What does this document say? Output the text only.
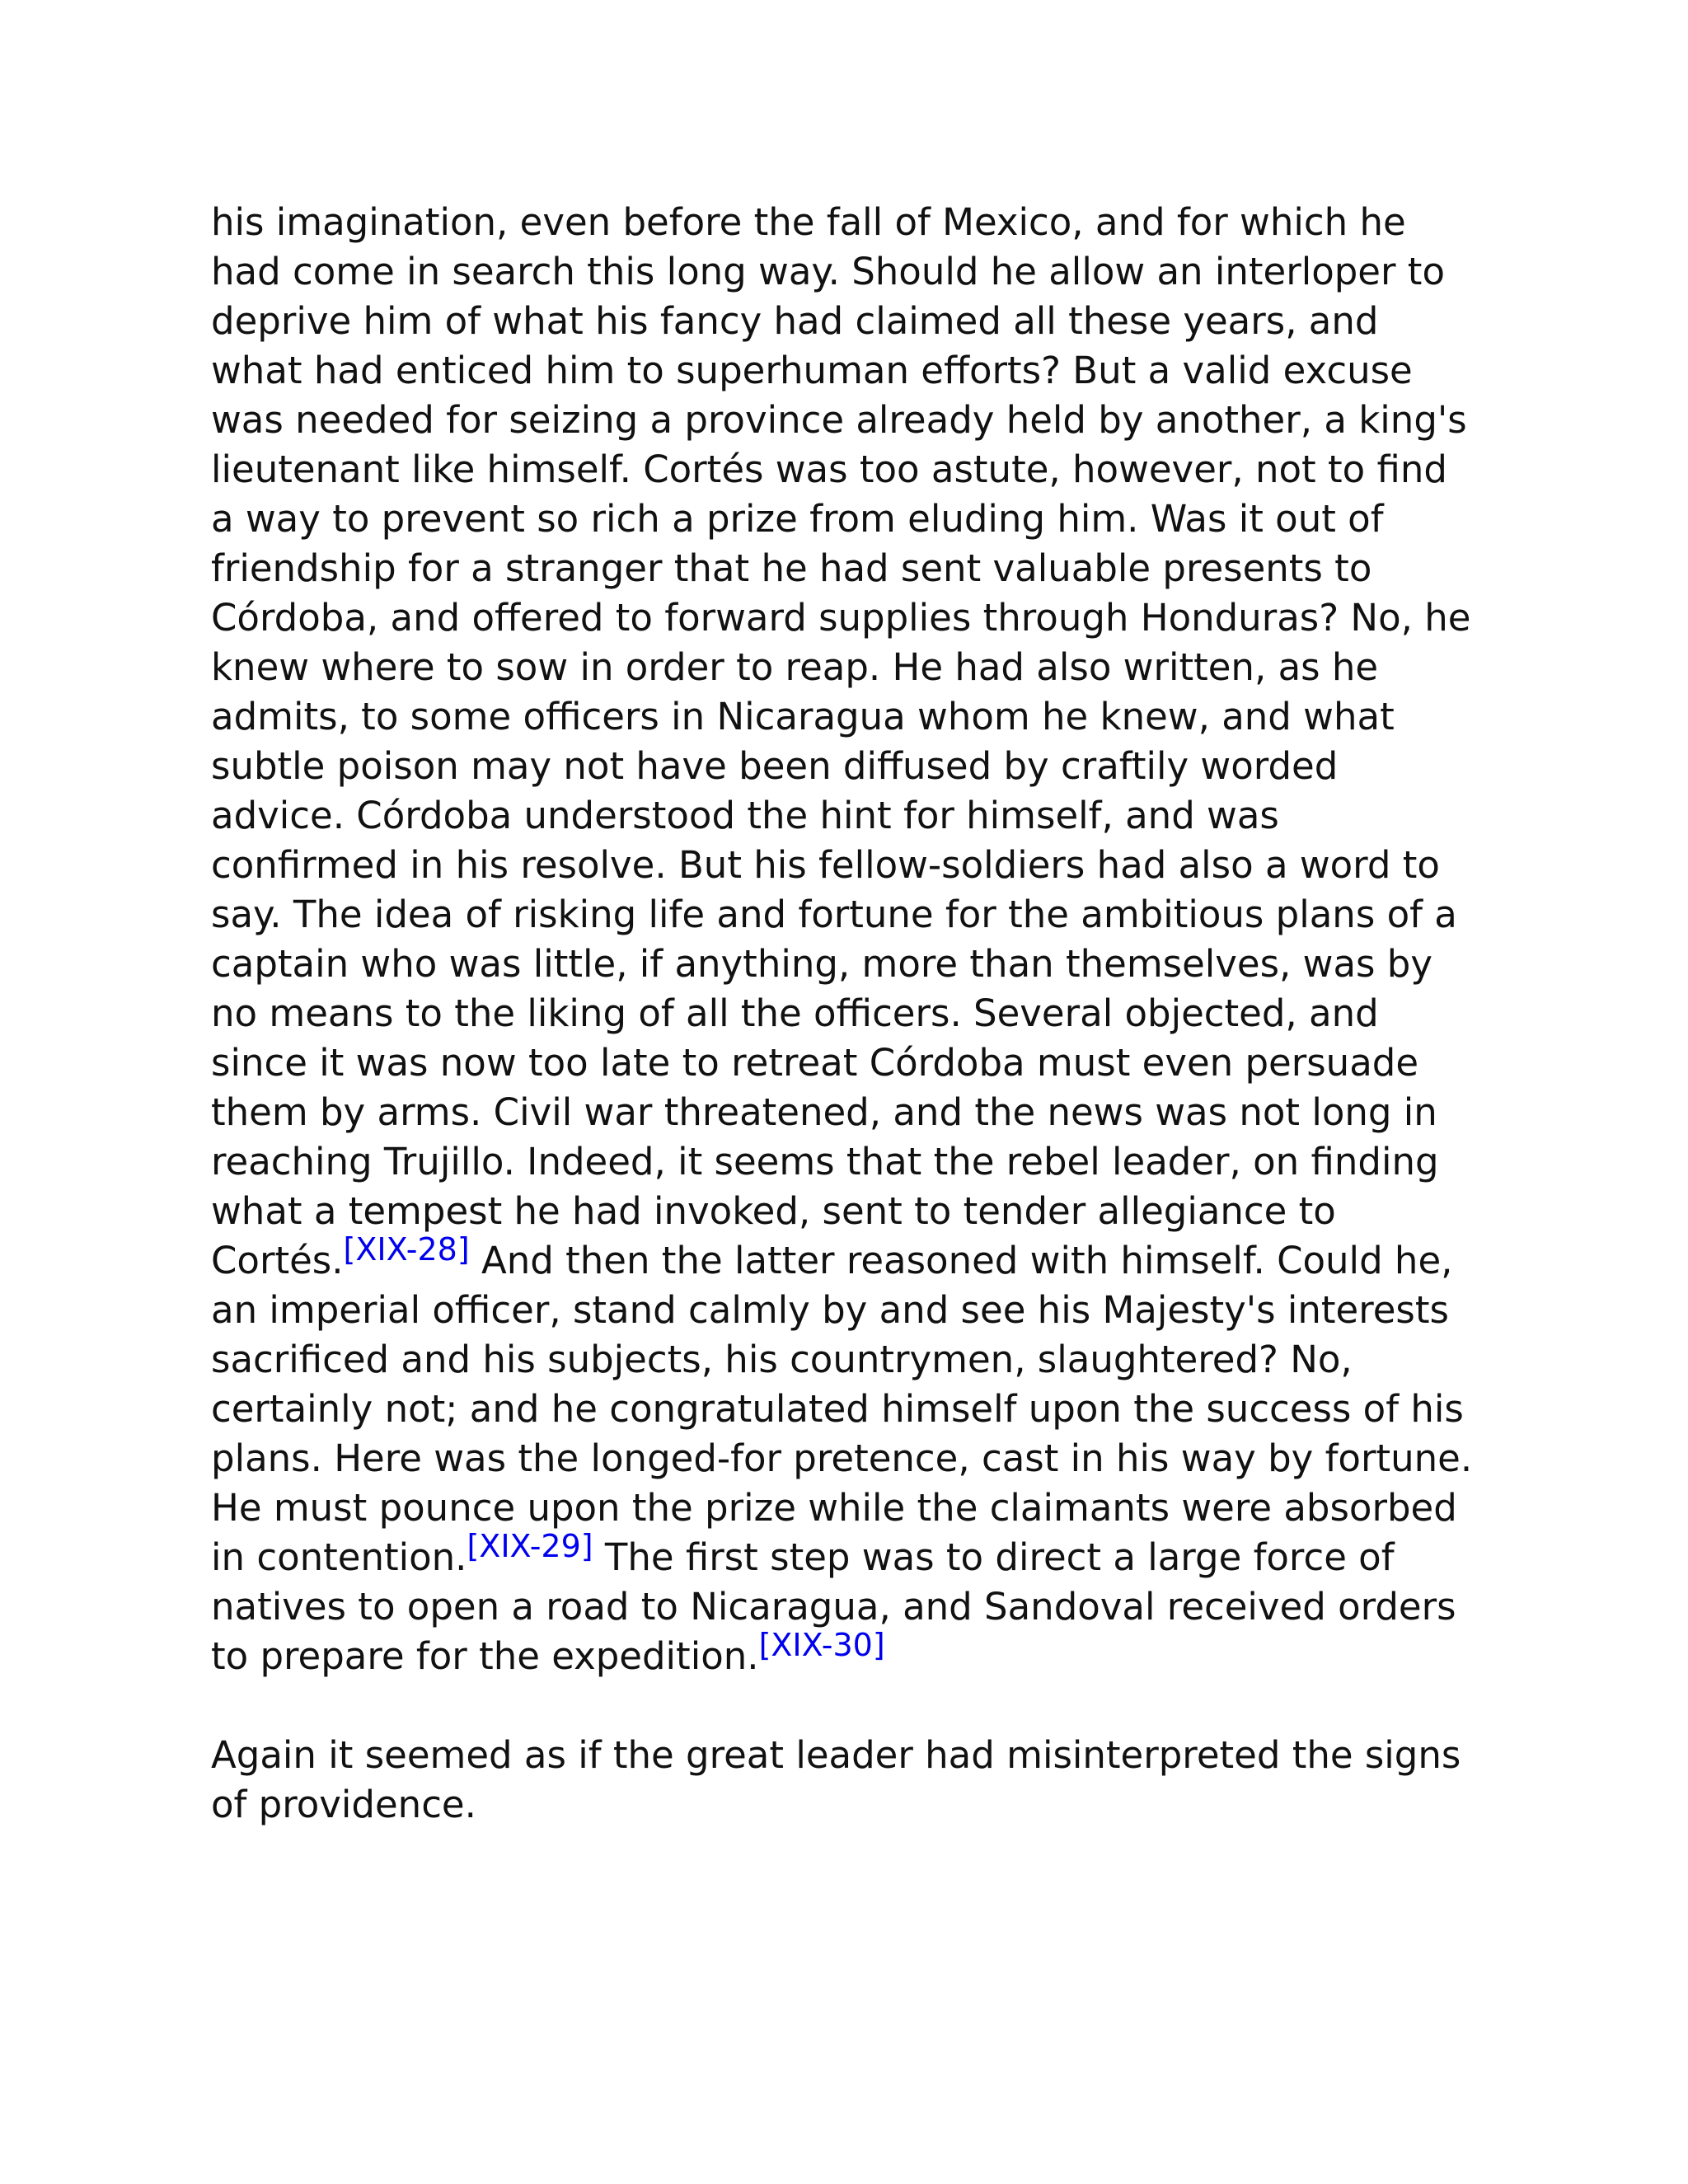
his imagination, even before the fall of Mexico, and for which he had come in search this long way. Should he allow an interloper to deprive him of what his fancy had claimed all these years, and what had enticed him to superhuman efforts? But a valid excuse was needed for seizing a province already held by another, a king's lieutenant like himself. Cortés was too astute, however, not to find a way to prevent so rich a prize from eluding him. Was it out of friendship for a stranger that he had sent valuable presents to Córdoba, and offered to forward supplies through Honduras? No, he knew where to sow in order to reap. He had also written, as he admits, to some officers in Nicaragua whom he knew, and what subtle poison may not have been diffused by craftily worded advice. Córdoba understood the hint for himself, and was confirmed in his resolve. But his fellow-soldiers had also a word to say. The idea of risking life and fortune for the ambitious plans of a captain who was little, if anything, more than themselves, was by no means to the liking of all the officers. Several objected, and since it was now too late to retreat Córdoba must even persuade them by arms. Civil war threatened, and the news was not long in reaching Trujillo. Indeed, it seems that the rebel leader, on finding what a tempest he had invoked, sent to tender allegiance to Cortés.[XIX-28] And then the latter reasoned with himself. Could he, an imperial officer, stand calmly by and see his Majesty's interests sacrificed and his subjects, his countrymen, slaughtered? No, certainly not; and he congratulated himself upon the success of his plans. Here was the longed-for pretence, cast in his way by fortune. He must pounce upon the prize while the claimants were absorbed in contention.[XIX-29] The first step was to direct a large force of natives to open a road to Nicaragua, and Sandoval received orders to prepare for the expedition.[XIX-30]

Again it seemed as if the great leader had misinterpreted the signs of providence.
